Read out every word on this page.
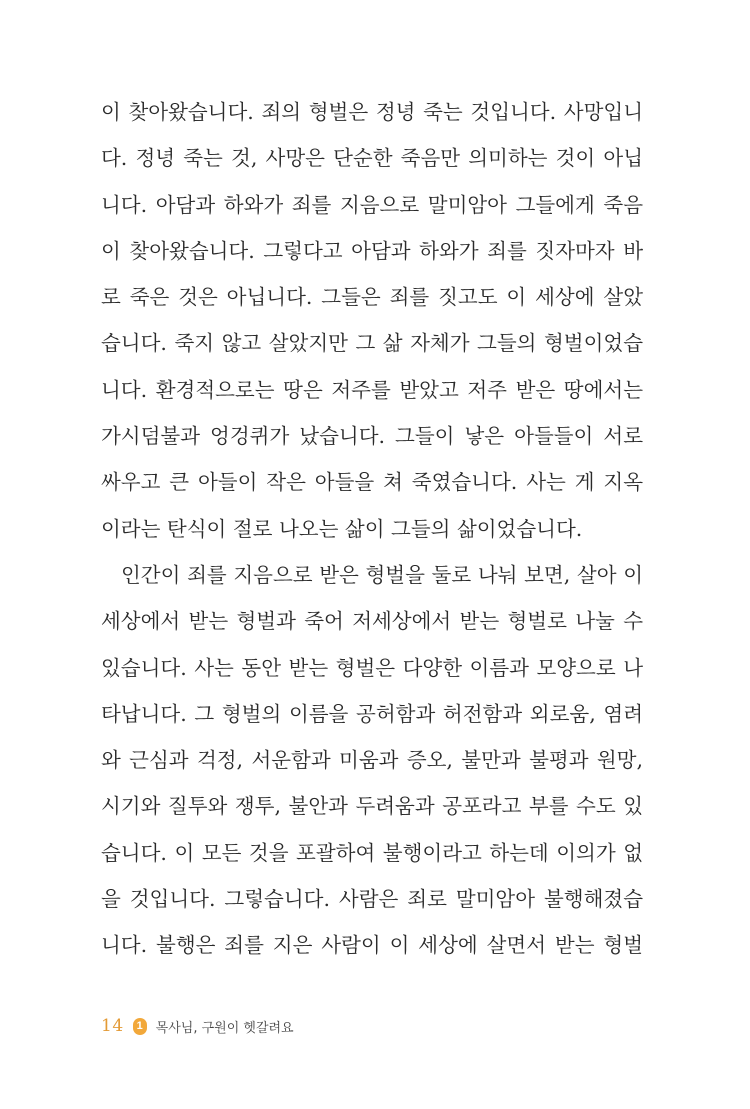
이 찾아왔습니다. 죄의 형벌은 정녕 죽는 것입니다. 사망입니
다. 정녕 죽는 것, 사망은 단순한 죽음만 의미하는 것이 아닙
니다. 아담과 하와가 죄를 지음으로 말미암아 그들에게 죽음
이 찾아왔습니다. 그렇다고 아담과 하와가 죄를 짓자마자 바
로 죽은 것은 아닙니다. 그들은 죄를 짓고도 이 세상에 살았
습니다. 죽지 않고 살았지만 그 삶 자체가 그들의 형벌이었습
니다. 환경적으로는 땅은 저주를 받았고 저주 받은 땅에서는
가시덤불과 엉겅퀴가 났습니다. 그들이 낳은 아들들이 서로
싸우고 큰 아들이 작은 아들을 쳐 죽였습니다. 사는 게 지옥
이라는 탄식이 절로 나오는 삶이 그들의 삶이었습니다.
인간이 죄를 지음으로 받은 형벌을 둘로 나눠 보면, 살아 이
세상에서 받는 형벌과 죽어 저세상에서 받는 형벌로 나눌 수
있습니다. 사는 동안 받는 형벌은 다양한 이름과 모양으로 나
타납니다. 그 형벌의 이름을 공허함과 허전함과 외로움, 염려
와 근심과 걱정, 서운함과 미움과 증오, 불만과 불평과 원망,
시기와 질투와 쟁투, 불안과 두려움과 공포라고 부를 수도 있
습니다. 이 모든 것을 포괄하여 불행이라고 하는데 이의가 없
을 것입니다. 그렇습니다. 사람은 죄로 말미암아 불행해졌습
니다. 불행은 죄를 지은 사람이 이 세상에 살면서 받는 형벌
14	1 목사님, 구원이 헷갈려요
